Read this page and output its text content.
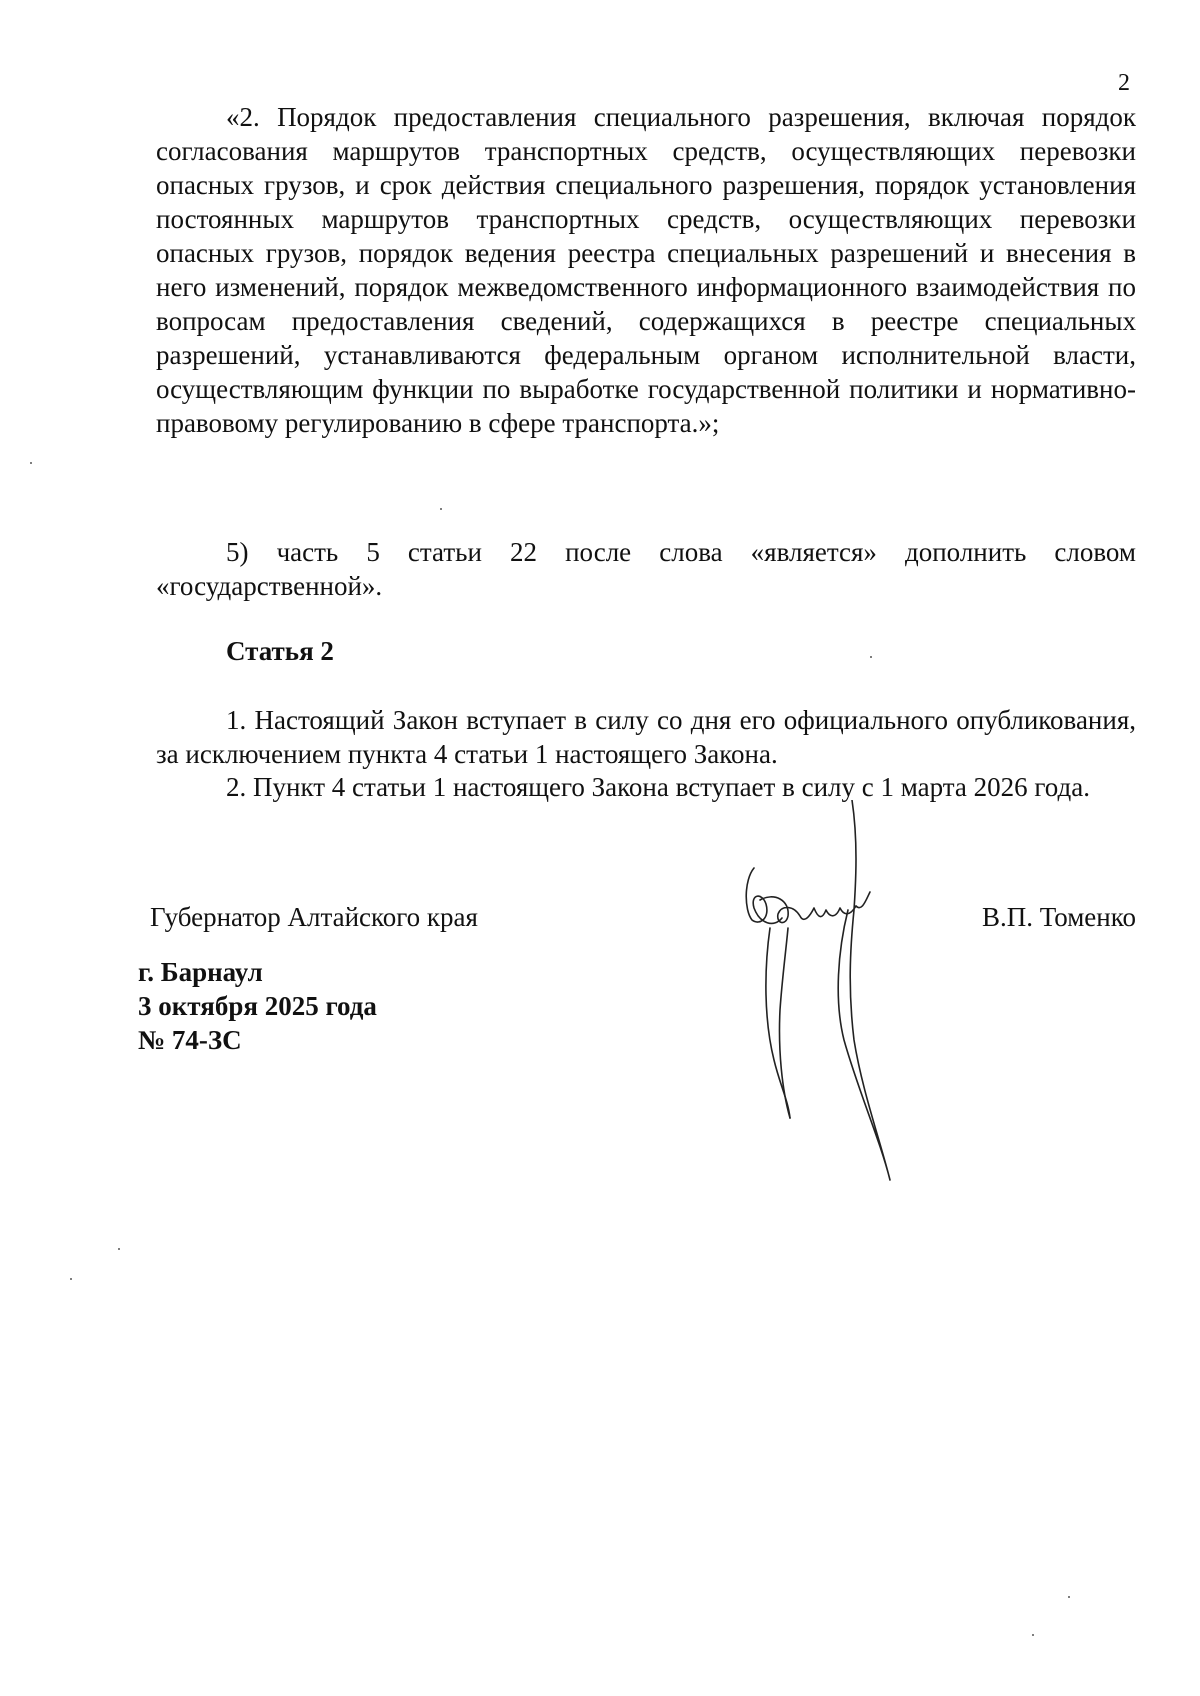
2

«2. Порядок предоставления специального разрешения, включая порядок согласования маршрутов транспортных средств, осуществляющих перевозки опасных грузов, и срок действия специального разрешения, порядок установления постоянных маршрутов транспортных средств, осуществляющих перевозки опасных грузов, порядок ведения реестра специальных разрешений и внесения в него изменений, порядок межведомственного информационного взаимодействия по вопросам предоставления сведений, содержащихся в реестре специальных разрешений, устанавливаются федеральным органом исполнительной власти, осуществляющим функции по выработке государственной политики и нормативно-правовому регулированию в сфере транспорта.»;

5) часть 5 статьи 22 после слова «является» дополнить словом «государственной».

Статья 2

1. Настоящий Закон вступает в силу со дня его официального опубликования, за исключением пункта 4 статьи 1 настоящего Закона.

2. Пункт 4 статьи 1 настоящего Закона вступает в силу с 1 марта 2026 года.

Губернатор Алтайского края	В.П. Томенко
г. Барнаул
3 октября 2025 года
№ 74-ЗС
